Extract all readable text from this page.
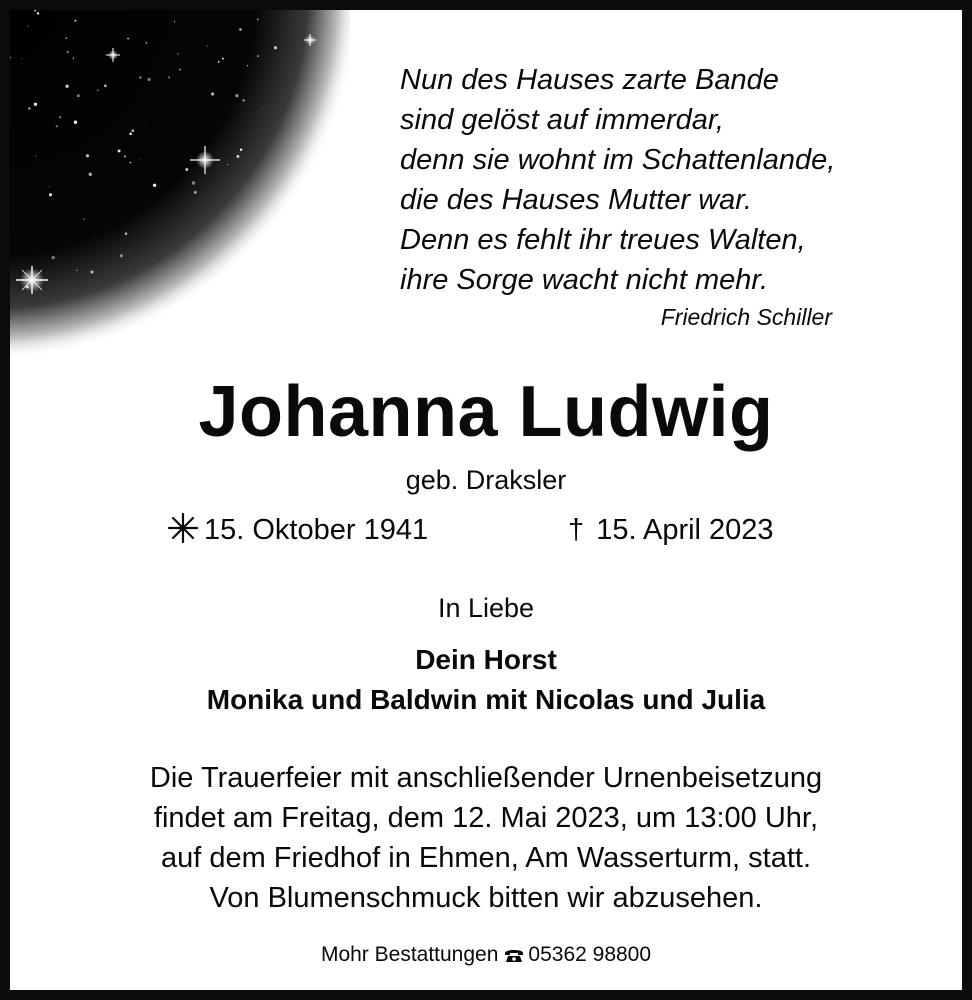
Nun des Hauses zarte Bande
sind gelöst auf immerdar,
denn sie wohnt im Schattenlande,
die des Hauses Mutter war.
Denn es fehlt ihr treues Walten,
ihre Sorge wacht nicht mehr.
Friedrich Schiller
Johanna Ludwig
geb. Draksler
15. Oktober 1941	† 15. April 2023
In Liebe
Dein Horst
Monika und Baldwin mit Nicolas und Julia
Die Trauerfeier mit anschließender Urnenbeisetzung
findet am Freitag, dem 12. Mai 2023, um 13:00 Uhr,
auf dem Friedhof in Ehmen, Am Wasserturm, statt.
Von Blumenschmuck bitten wir abzusehen.
Mohr Bestattungen 05362 98800
